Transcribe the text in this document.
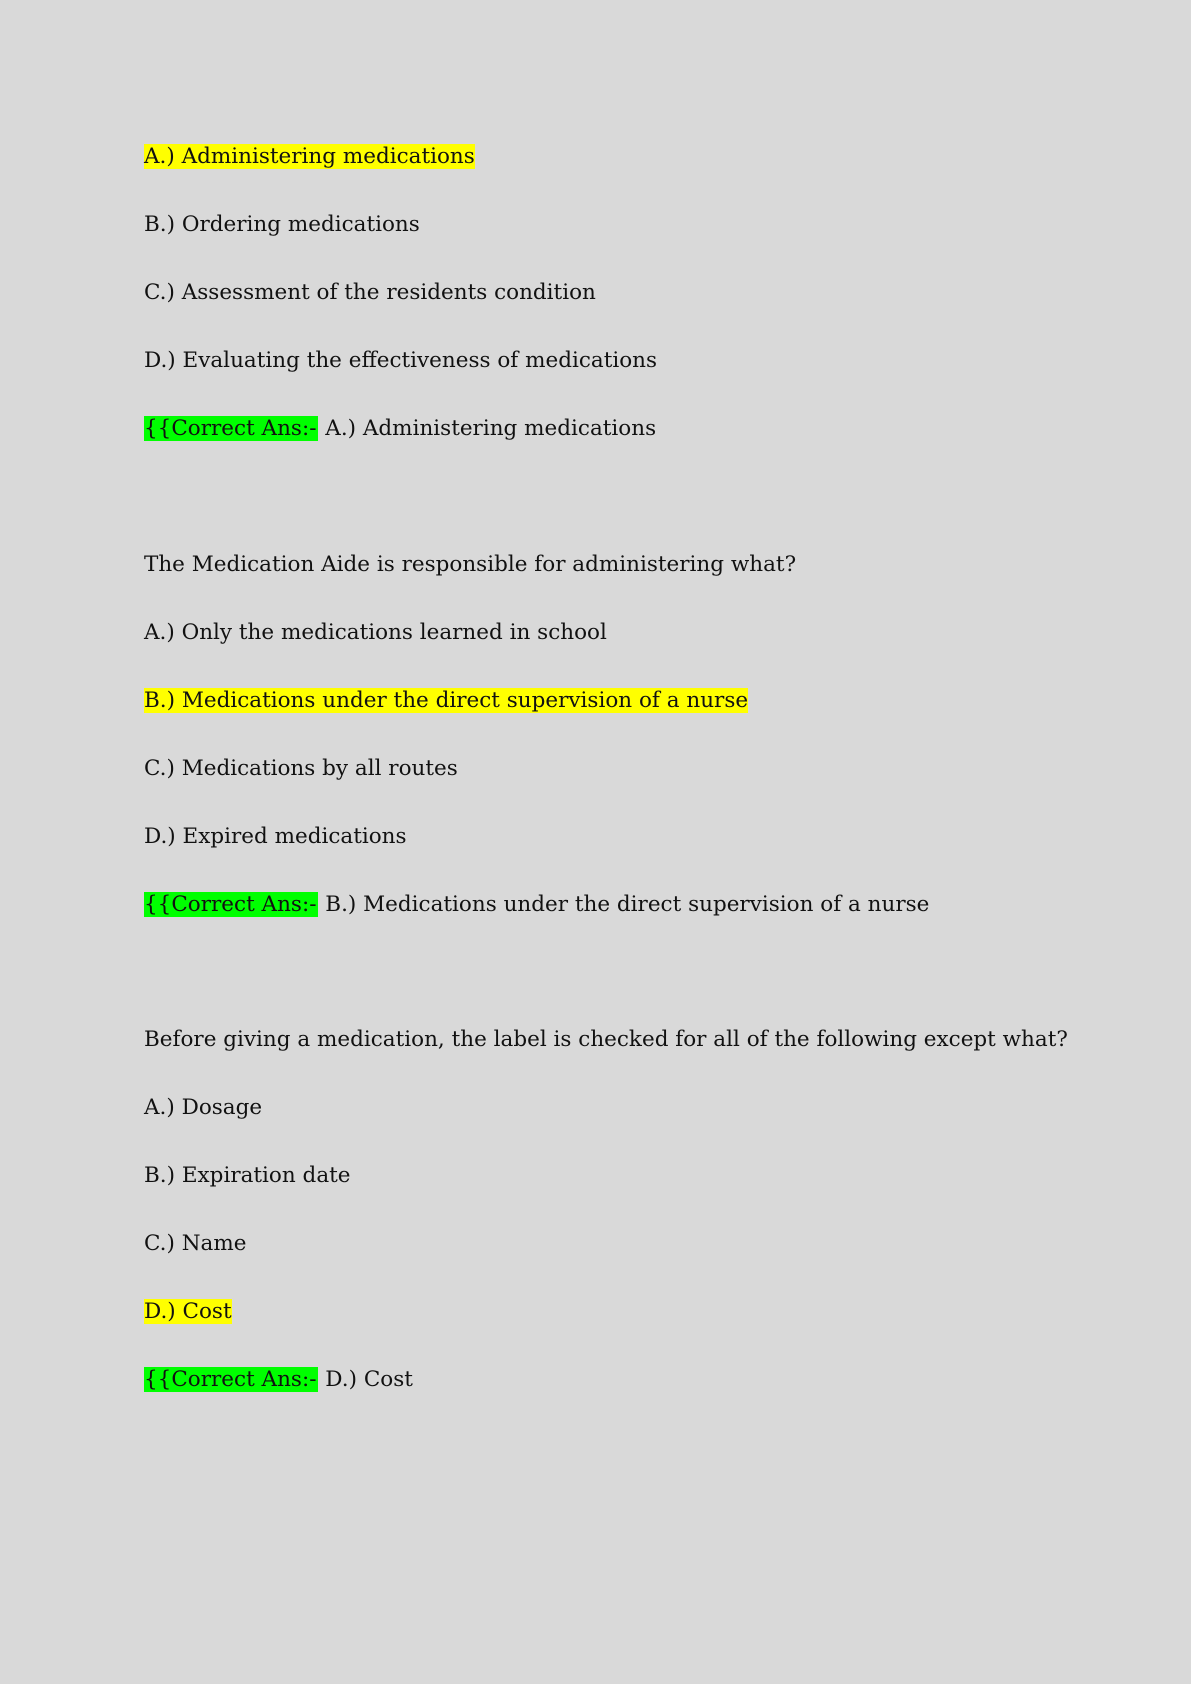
A.) Administering medications
B.) Ordering medications
C.) Assessment of the residents condition
D.) Evaluating the effectiveness of medications
{{Correct Ans:- A.) Administering medications
The Medication Aide is responsible for administering what?
A.) Only the medications learned in school
B.) Medications under the direct supervision of a nurse
C.) Medications by all routes
D.) Expired medications
{{Correct Ans:- B.) Medications under the direct supervision of a nurse
Before giving a medication, the label is checked for all of the following except what?
A.) Dosage
B.) Expiration date
C.) Name
D.) Cost
{{Correct Ans:- D.) Cost
